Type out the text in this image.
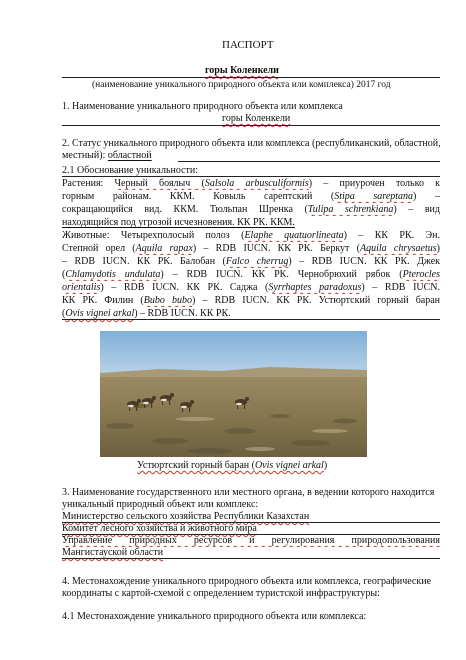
ПАСПОРТ
горы Коленкели
(наименование уникального природного объекта или комплекса) 2017 год
1. Наименование уникального природного объекта или комплекса
горы Коленкели
2. Статус уникального природного объекта или комплекса (республиканский, областной,
местный): областной
2.1 Обоснование уникальности:
Растения: Черный боялыч (Salsola arbusculiformis) – приурочен только к
горным районам. ККМ. Ковыль сарептский (Stipa sareptana) –
сокращающийся вид. ККМ. Тюльпан Шренка (Tulipa schrenkiana) – вид
находящийся под угрозой исчезновения. КК РК. ККМ.
Животные: Четырехполосый полоз (Elaphe quatuorlineata) – КК РК. Эн.
Степной орел (Aquila rapax) – RDB IUCN. КК РК. Беркут (Aquila chrysaetus)
– RDB IUCN. КК РК. Балобан (Falco cherrug) – RDB IUCN. КК РК. Джек
(Chlamydotis undulata) – RDB IUCN. КК РК. Чернобрюхий рябок (Pterocles
orientalis) – RDB IUCN. КК РК. Саджа (Syrrhaptes paradoxus) – RDB IUCN.
КК РК. Филин (Bubo bubo) – RDB IUCN. КК РК. Устюртский горный баран
(Ovis vignei arkal) – RDB IUCN. КК РК.
Устюртский горный баран (Ovis vignei arkal)
3. Наименование государственного или местного органа, в ведении которого находится
уникальный природный объект или комплекс:
Министерство сельского хозяйства Республики Казахстан
Комитет лесного хозяйства и животного мира
Управление природных ресурсов и регулирования природопользования
Мангистауской области
4. Местонахождение уникального природного объекта или комплекса, географические
координаты с картой-схемой с определением туристской инфраструктуры:
4.1 Местонахождение уникального природного объекта или комплекса:
